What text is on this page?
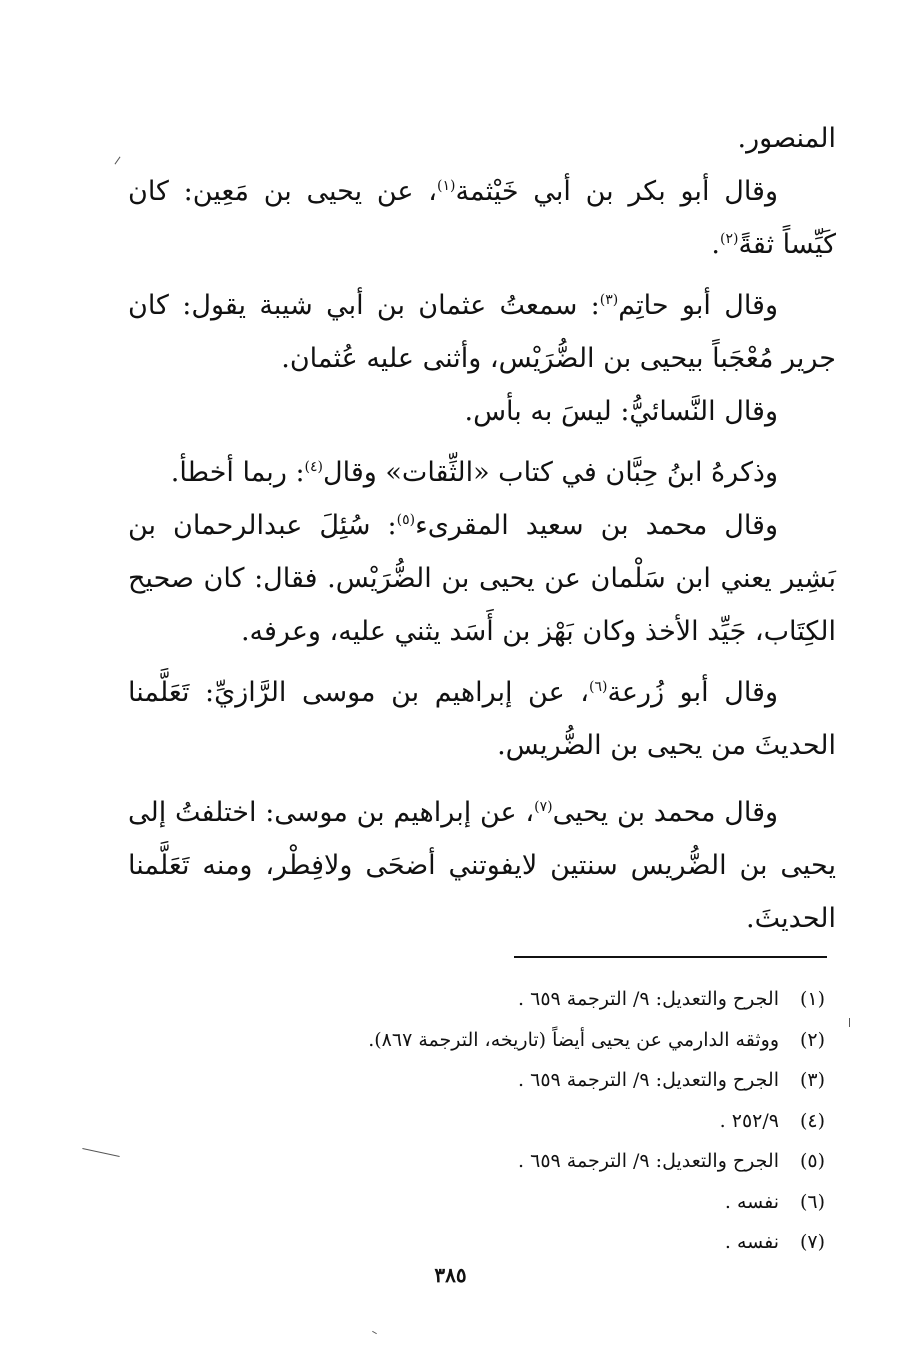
المنصور.

وقال أبو بكر بن أبي خَيْثمة$^{(١)}$، عن يحيى بن مَعِين: كان كَيِّساً ثقةً$^{(٢)}$.

وقال أبو حاتِم$^{(٣)}$: سمعتُ عثمان بن أبي شيبة يقول: كان جرير مُعْجَباً بيحيى بن الضُّرَيْس، وأثنى عليه عُثمان.

وقال النَّسائيُّ: ليسَ به بأس.

وذكرهُ ابنُ حِبَّان في كتاب «الثِّقات» وقال$^{(٤)}$: ربما أخطأ.

وقال محمد بن سعيد المقرىء$^{(٥)}$: سُئِلَ عبدالرحمان بن بَشِير يعني ابن سَلْمان عن يحيى بن الضُّرَيْس. فقال: كان صحيح الكِتَاب، جَيِّد الأخذ وكان بَهْز بن أَسَد يثني عليه، وعرفه.

وقال أبو زُرعة$^{(٦)}$، عن إبراهيم بن موسى الرَّازيِّ: تَعَلَّمنا الحديثَ من يحيى بن الضُّريس.

وقال محمد بن يحيى$^{(٧)}$، عن إبراهيم بن موسى: اختلفتُ إلى يحيى بن الضُّريس سنتين لايفوتني أضحَى ولافِطْر، ومنه تَعَلَّمنا الحديثَ.

(١)
الجرح والتعديل: ٩/ الترجمة ٦٥٩ .
(٢)
ووثقه الدارمي عن يحيى أيضاً (تاريخه، الترجمة ٨٦٧).
(٣)
الجرح والتعديل: ٩/ الترجمة ٦٥٩ .
(٤)
٢٥٢/٩ .
(٥)
الجرح والتعديل: ٩/ الترجمة ٦٥٩ .
(٦)
نفسه .
(٧)
نفسه .
٣٨٥
